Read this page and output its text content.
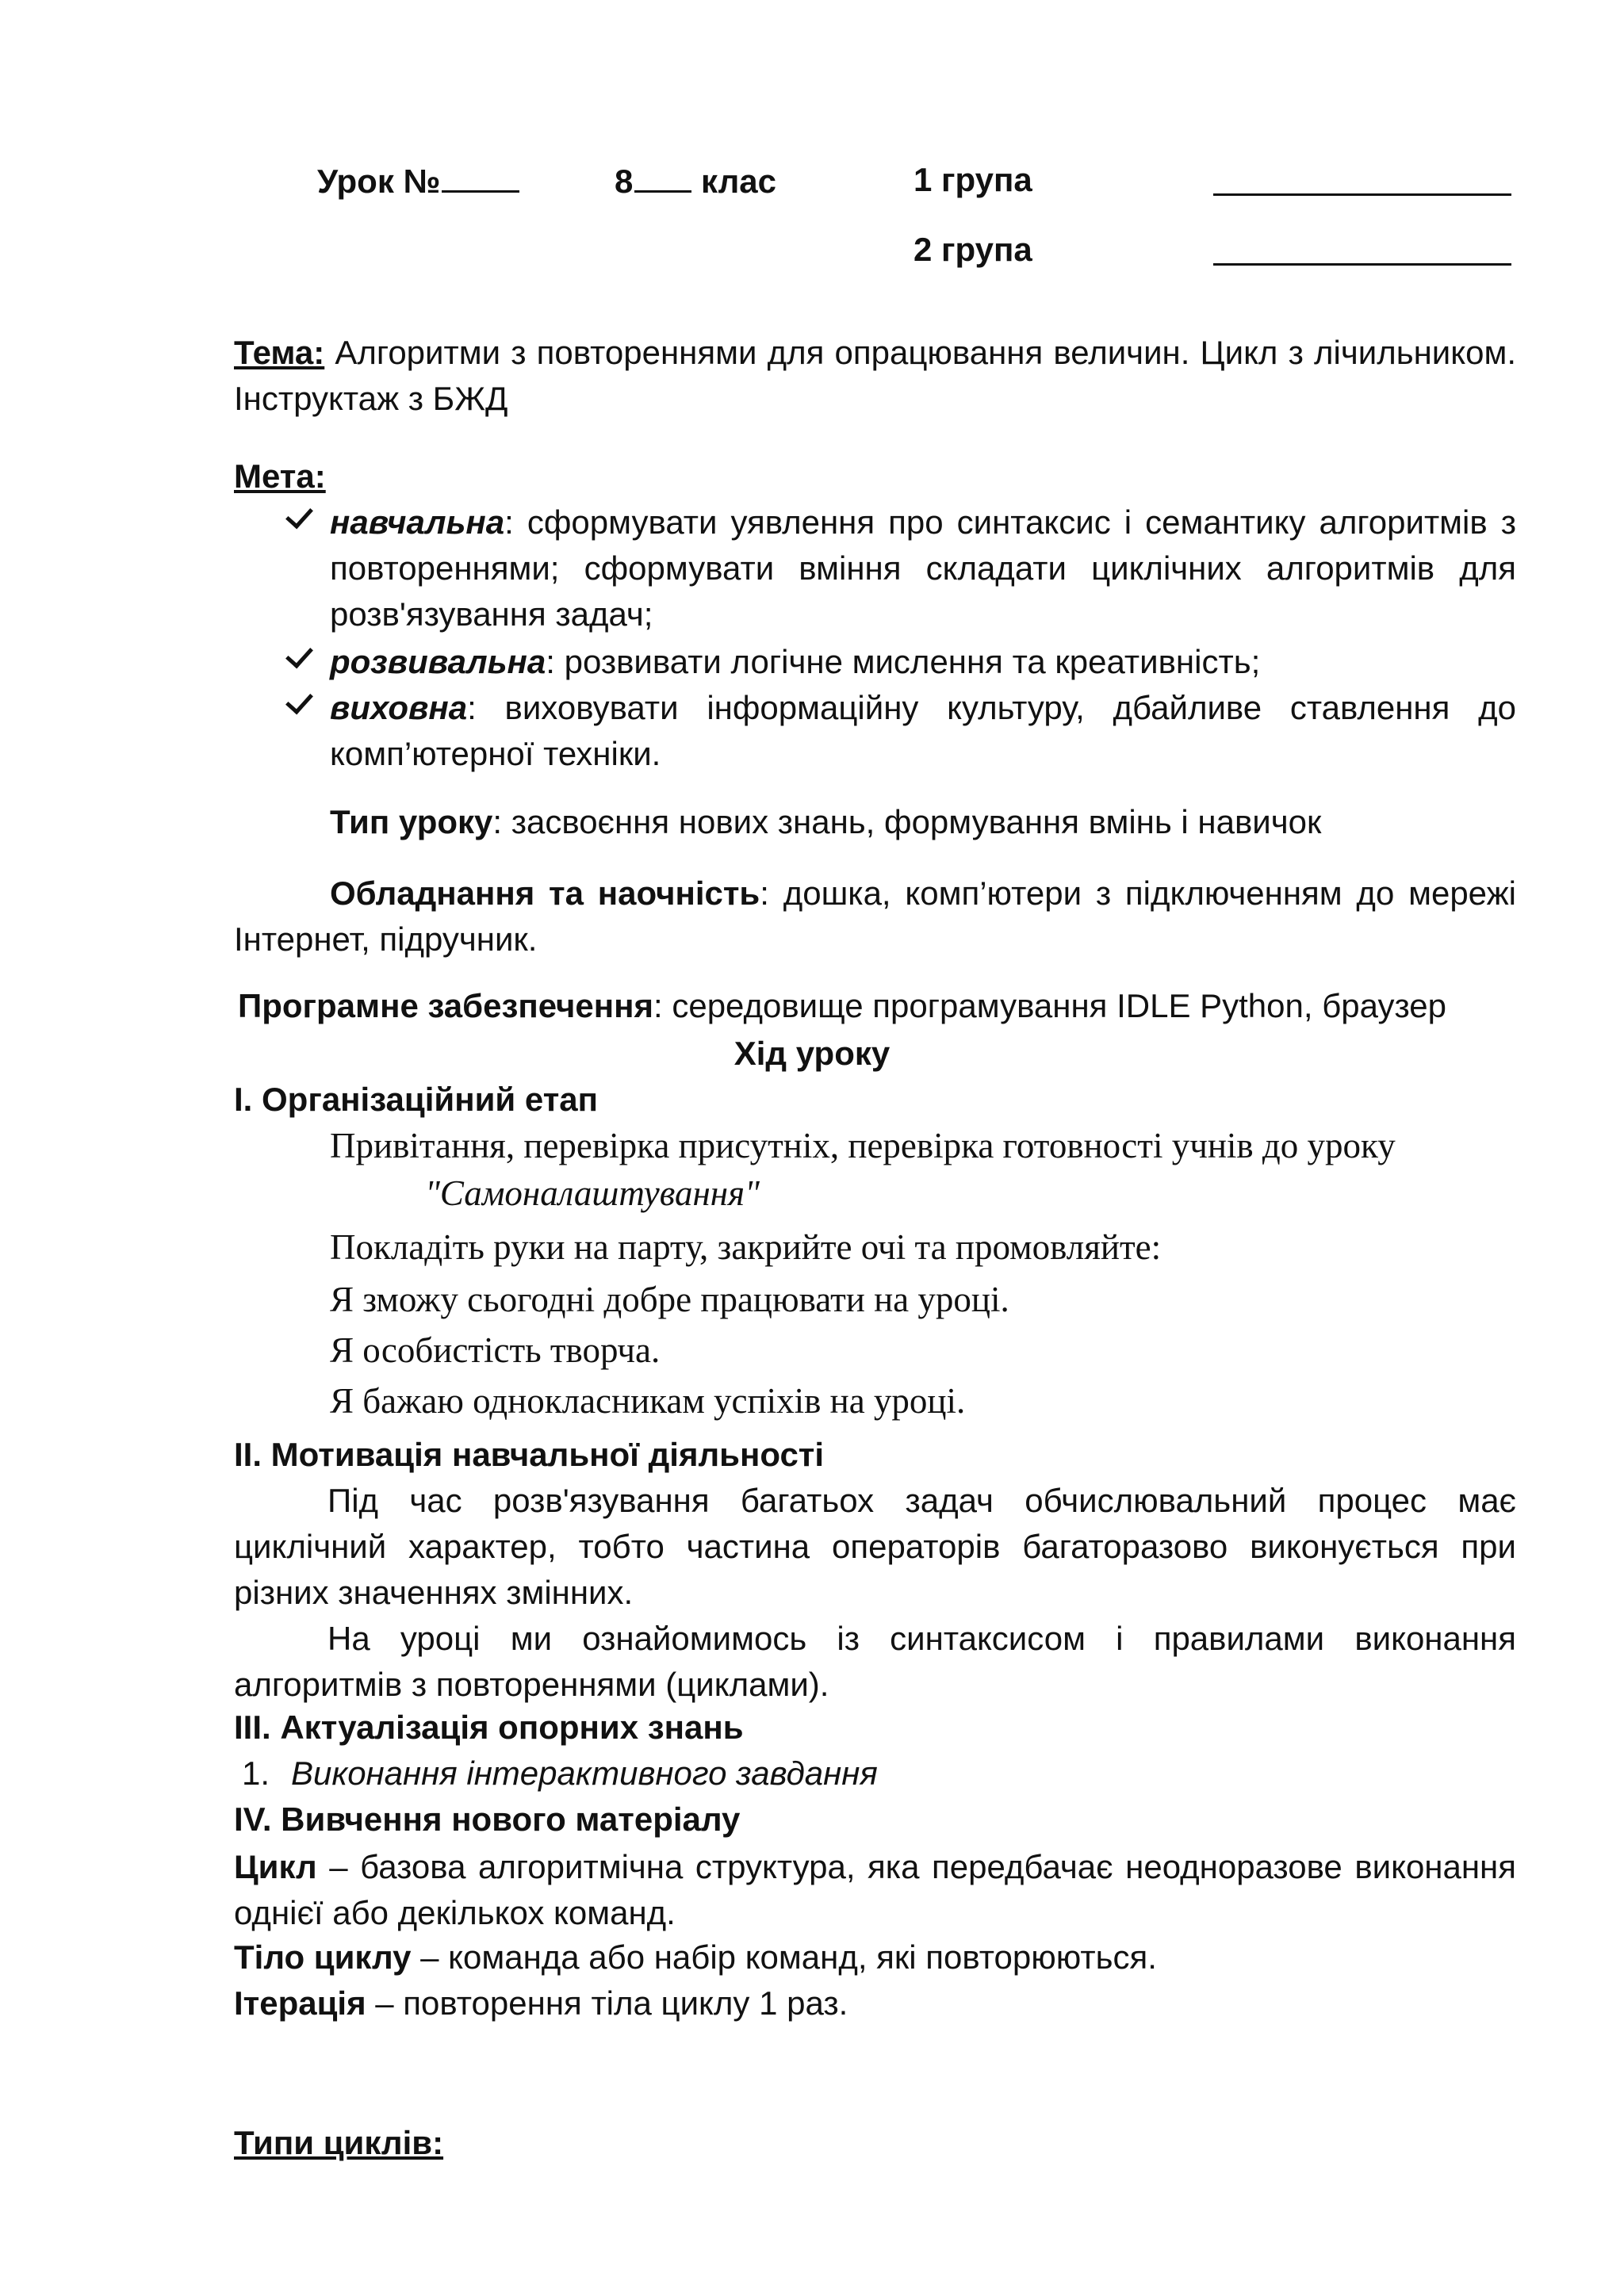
Урок №	8 клас	1 група
2 група
Тема: Алгоритми з повтореннями для опрацювання величин. Цикл з лічильником. Інструктаж з БЖД
Мета:
навчальна: сформувати уявлення про синтаксис і семантику алгоритмів з повтореннями; сформувати вміння складати циклічних алгоритмів для розв'язування задач;
розвивальна: розвивати логічне мислення та креативність;
виховна: виховувати інформаційну культуру, дбайливе ставлення до комп’ютерної техніки.
Тип уроку: засвоєння нових знань, формування вмінь і навичок
Обладнання та наочність: дошка, комп’ютери з підключенням до мережі Інтернет, підручник.
Програмне забезпечення: середовище програмування IDLE Python, браузер
Хід уроку
І. Організаційний етап
Привітання, перевірка присутніх, перевірка готовності учнів до уроку
"Самоналаштування"
Покладіть руки на парту, закрийте очі та промовляйте:
Я зможу сьогодні добре працювати на уроці.
Я особистість творча.
Я бажаю однокласникам успіхів на уроці.
ІІ. Мотивація навчальної діяльності
Під час розв'язування багатьох задач обчислювальний процес має циклічний характер, тобто частина операторів багаторазово виконується при різних значеннях змінних.
На уроці ми ознайомимось із синтаксисом і правилами виконання алгоритмів з повтореннями (циклами).
ІІІ. Актуалізація опорних знань
1. Виконання інтерактивного завдання
IV. Вивчення нового матеріалу
Цикл – базова алгоритмічна структура, яка передбачає неодноразове виконання однієї або декількох команд.
Тіло циклу – команда або набір команд, які повторюються.
Ітерація – повторення тіла циклу 1 раз.
Типи циклів:
